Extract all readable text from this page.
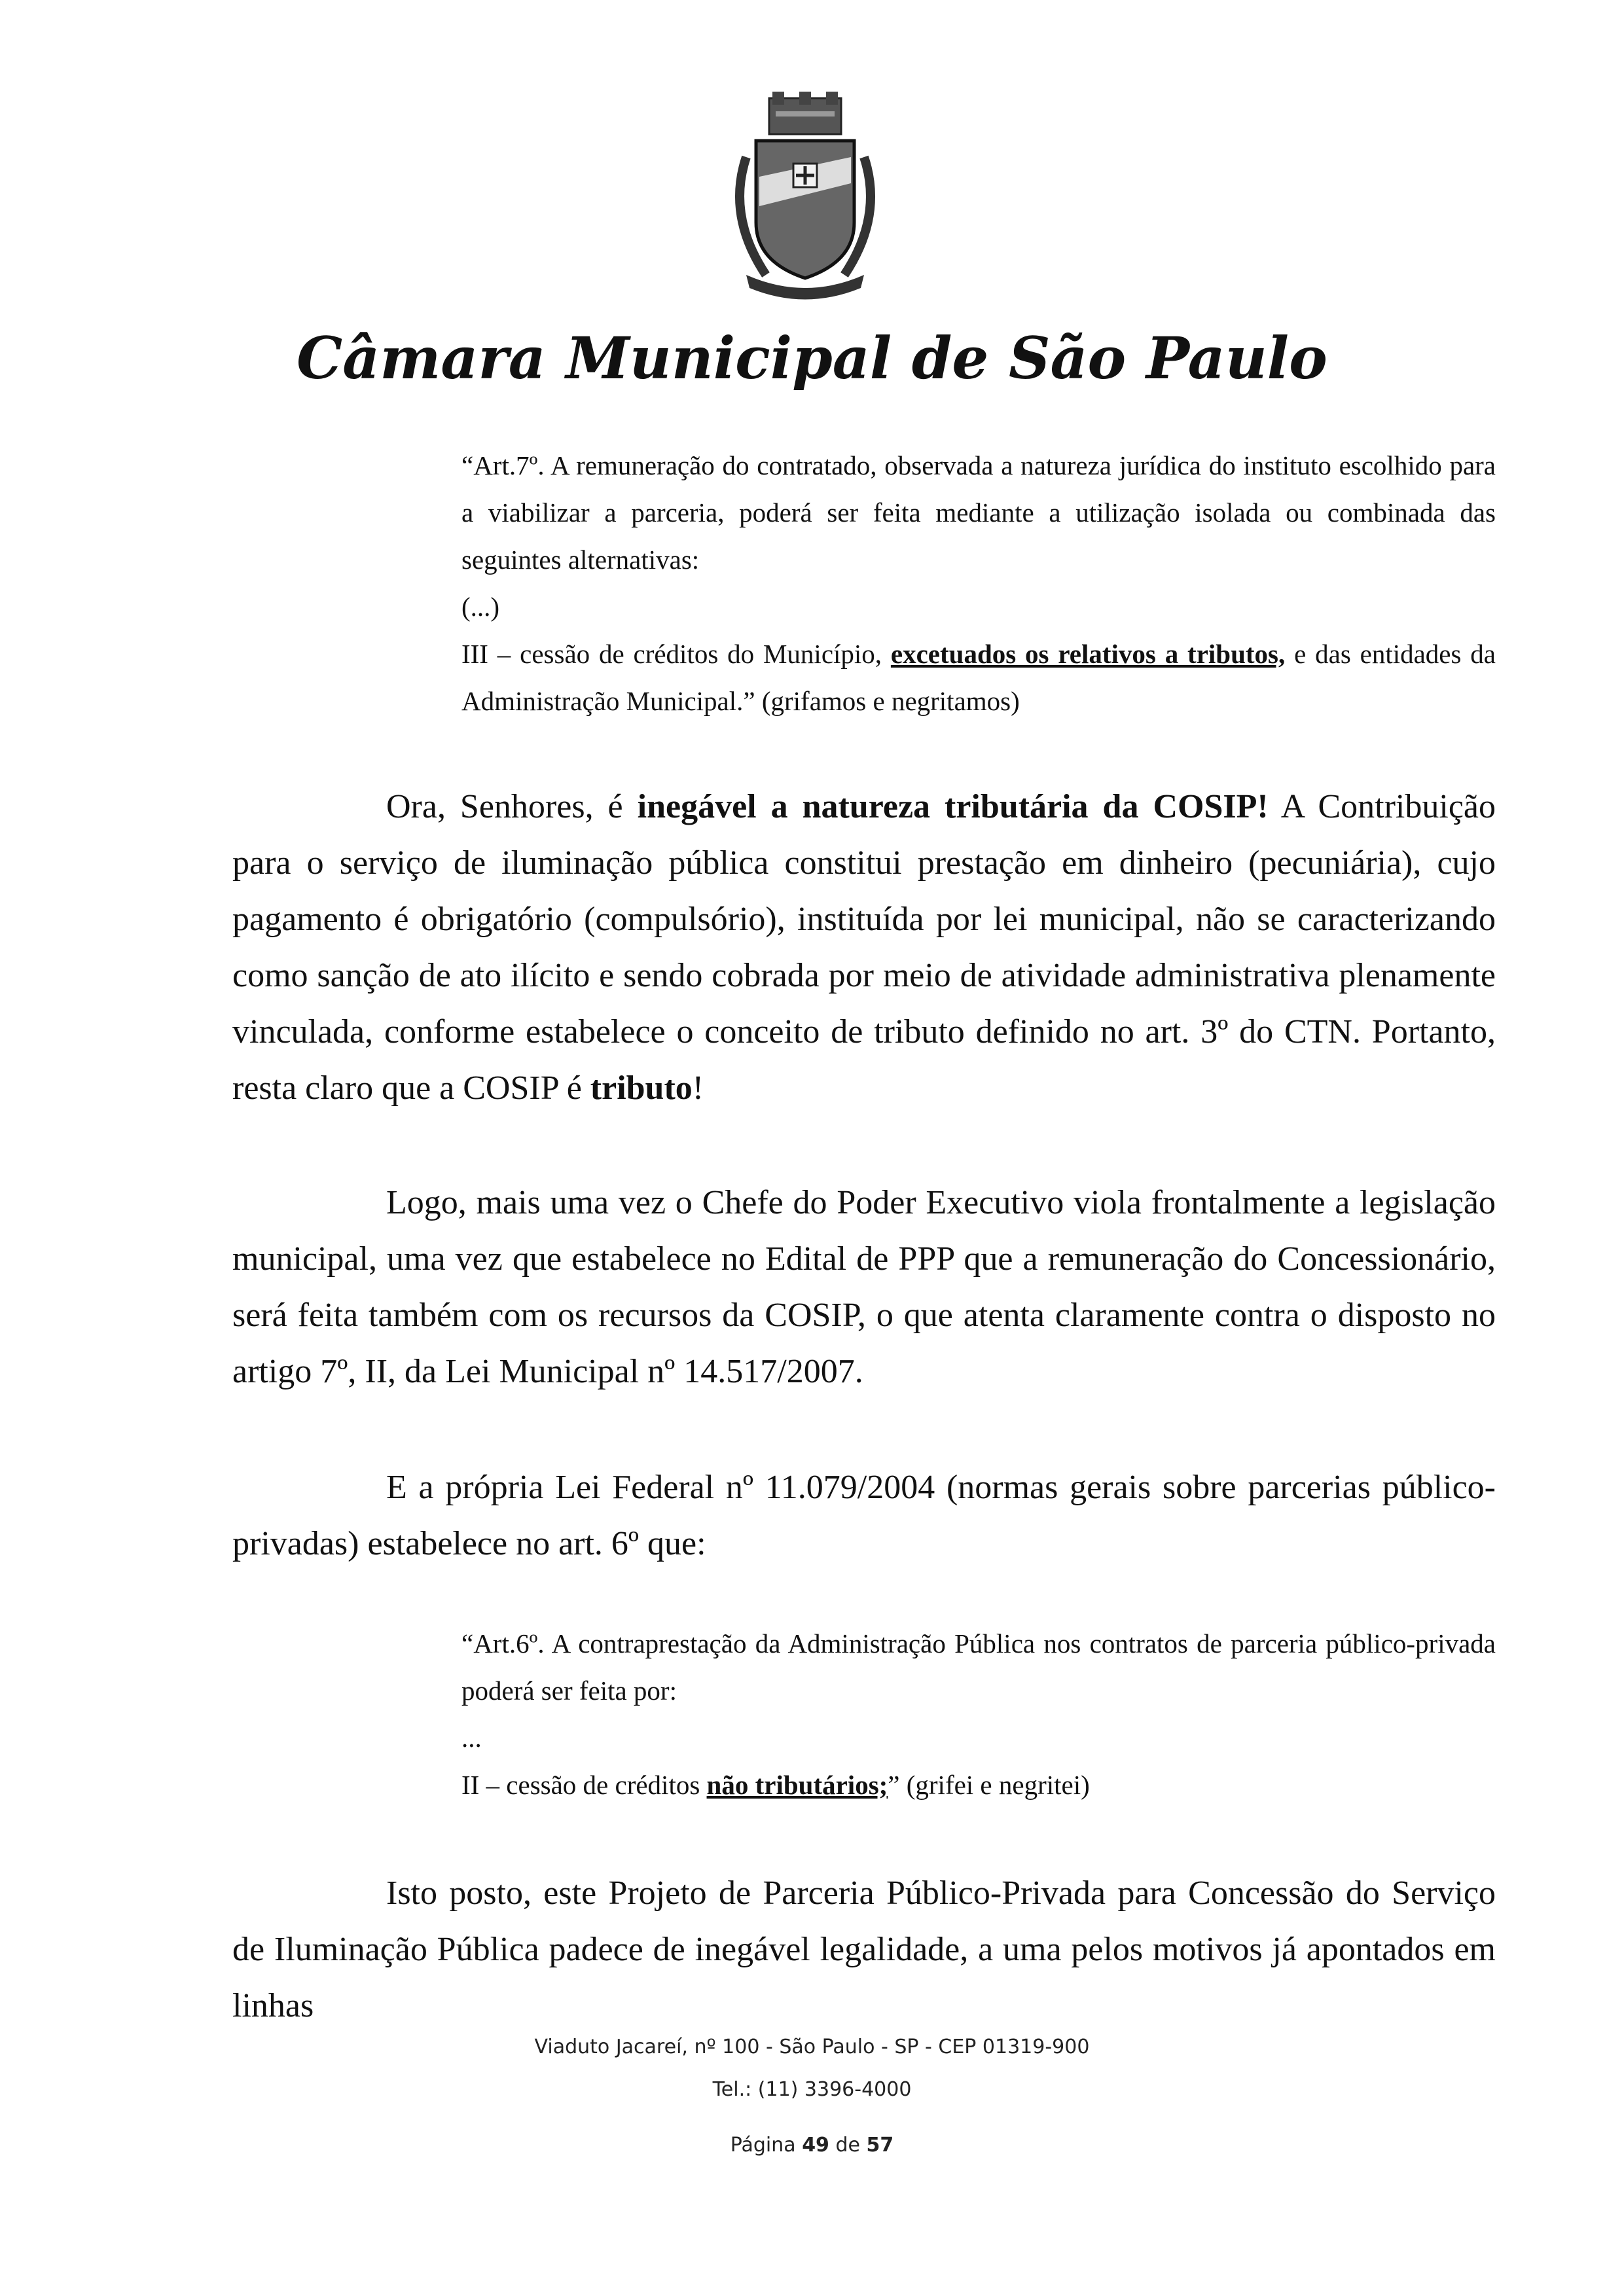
Câmara Municipal de São Paulo

“Art.7º. A remuneração do contratado, observada a natureza jurídica do instituto escolhido para a viabilizar a parceria, poderá ser feita mediante a utilização isolada ou combinada das seguintes alternativas:

(...)

III – cessão de créditos do Município, excetuados os relativos a tributos, e das entidades da Administração Municipal.” (grifamos e negritamos)

Ora, Senhores, é inegável a natureza tributária da COSIP! A Contribuição para o serviço de iluminação pública constitui prestação em dinheiro (pecuniária), cujo pagamento é obrigatório (compulsório), instituída por lei municipal, não se caracterizando como sanção de ato ilícito e sendo cobrada por meio de atividade administrativa plenamente vinculada, conforme estabelece o conceito de tributo definido no art. 3º do CTN. Portanto, resta claro que a COSIP é tributo!

Logo, mais uma vez o Chefe do Poder Executivo viola frontalmente a legislação municipal, uma vez que estabelece no Edital de PPP que a remuneração do Concessionário, será feita também com os recursos da COSIP, o que atenta claramente contra o disposto no artigo 7º, II, da Lei Municipal nº 14.517/2007.

E a própria Lei Federal nº 11.079/2004 (normas gerais sobre parcerias público-privadas) estabelece no art. 6º que:

“Art.6º. A contraprestação da Administração Pública nos contratos de parceria público-privada poderá ser feita por:

...

II – cessão de créditos não tributários;” (grifei e negritei)

Isto posto, este Projeto de Parceria Público-Privada para Concessão do Serviço de Iluminação Pública padece de inegável legalidade, a uma pelos motivos já apontados em linhas

Viaduto Jacareí, nº 100 - São Paulo - SP - CEP 01319-900
Tel.: (11) 3396-4000
Página 49 de 57
